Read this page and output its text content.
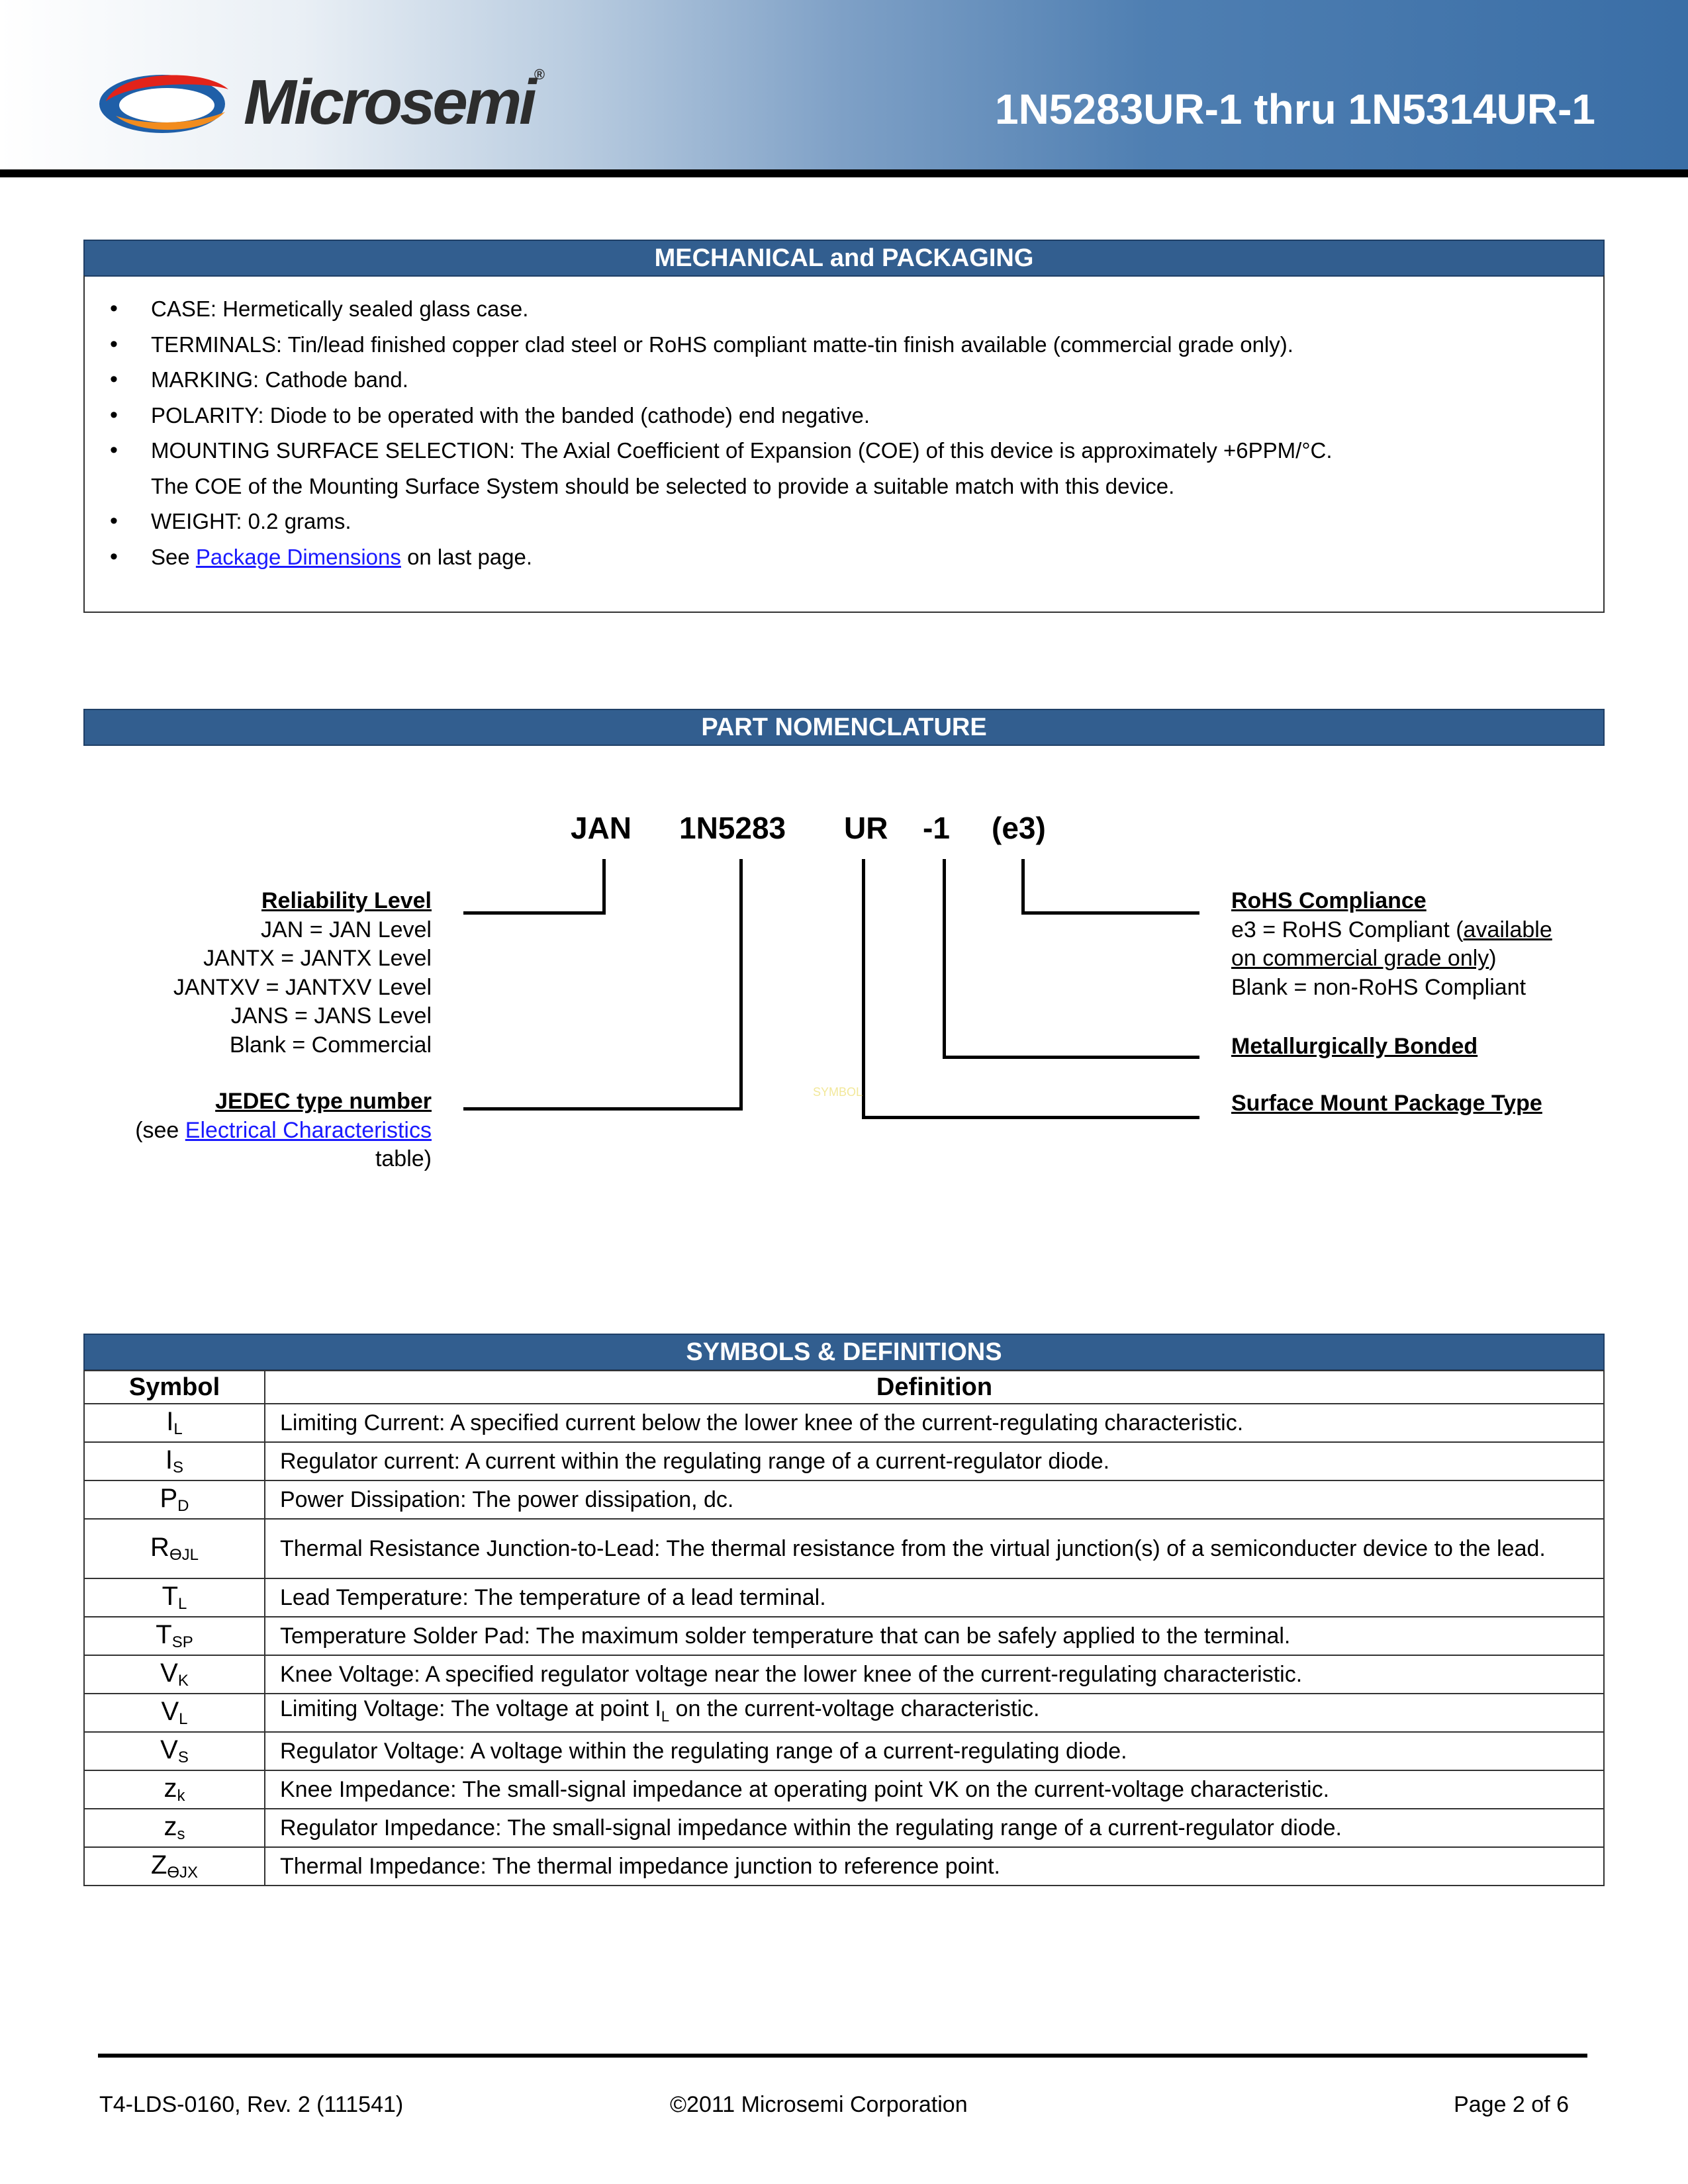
Microsemi®
1N5283UR-1 thru 1N5314UR-1
MECHANICAL and PACKAGING
• CASE: Hermetically sealed glass case.
• TERMINALS: Tin/lead finished copper clad steel or RoHS compliant matte-tin finish available (commercial grade only).
• MARKING: Cathode band.
• POLARITY: Diode to be operated with the banded (cathode) end negative.
• MOUNTING SURFACE SELECTION: The Axial Coefficient of Expansion (COE) of this device is approximately +6PPM/°C.
The COE of the Mounting Surface System should be selected to provide a suitable match with this device.
• WEIGHT: 0.2 grams.
• See Package Dimensions on last page.
PART NOMENCLATURE
JAN 1N5283 UR -1 (e3)
Reliability Level
JAN = JAN Level
JANTX = JANTX Level
JANTXV = JANTXV Level
JANS = JANS Level
Blank = Commercial
JEDEC type number
(see Electrical Characteristics
table)
RoHS Compliance
e3 = RoHS Compliant (available
on commercial grade only)
Blank = non-RoHS Compliant
Metallurgically Bonded
Surface Mount Package Type
SYMBOL
SYMBOLS & DEFINITIONS
Symbol	Definition
$I_L$	Limiting Current: A specified current below the lower knee of the current-regulating characteristic.
$I_S$	Regulator current: A current within the regulating range of a current-regulator diode.
$P_D$	Power Dissipation: The power dissipation, dc.
$R_{ӨJL}$	Thermal Resistance Junction-to-Lead: The thermal resistance from the virtual junction(s) of a semiconducter device to the lead.
$T_L$	Lead Temperature: The temperature of a lead terminal.
$T_{SP}$	Temperature Solder Pad: The maximum solder temperature that can be safely applied to the terminal.
$V_K$	Knee Voltage: A specified regulator voltage near the lower knee of the current-regulating characteristic.
$V_L$	Limiting Voltage: The voltage at point $I_L$ on the current-voltage characteristic.
$V_S$	Regulator Voltage: A voltage within the regulating range of a current-regulating diode.
$z_k$	Knee Impedance: The small-signal impedance at operating point VK on the current-voltage characteristic.
$z_s$	Regulator Impedance: The small-signal impedance within the regulating range of a current-regulator diode.
$Z_{ӨJX}$	Thermal Impedance: The thermal impedance junction to reference point.
T4-LDS-0160, Rev. 2 (111541)	©2011 Microsemi Corporation	Page 2 of 6
